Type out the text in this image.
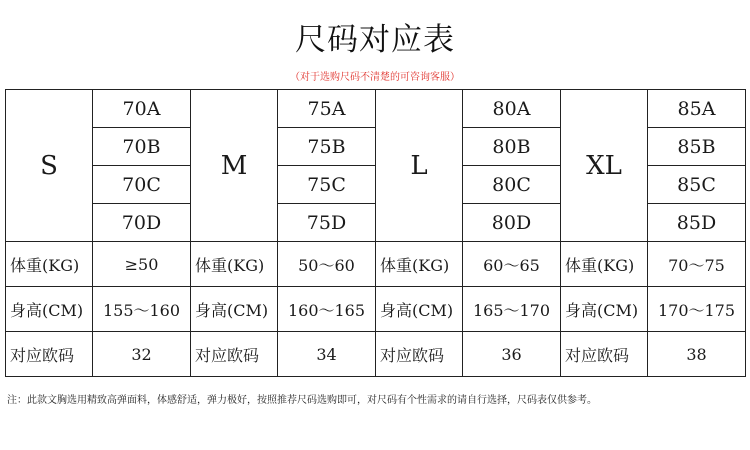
尺码对应表
（对于选购尺码不清楚的可咨询客服）
S	70A	M	75A	L	80A	XL	85A
	70B		75B		80B		85B
	70C		75C		80C		85C
	70D		75D		80D		85D
体重(KG)	≥50	体重(KG)	50～60	体重(KG)	60～65	体重(KG)	70～75
身高(CM)	155～160	身高(CM)	160～165	身高(CM)	165～170	身高(CM)	170～175
对应欧码	32	对应欧码	34	对应欧码	36	对应欧码	38
注：此款文胸选用精致高弹面料，体感舒适，弹力极好，按照推荐尺码选购即可，对尺码有个性需求的请自行选择，尺码表仅供参考。
